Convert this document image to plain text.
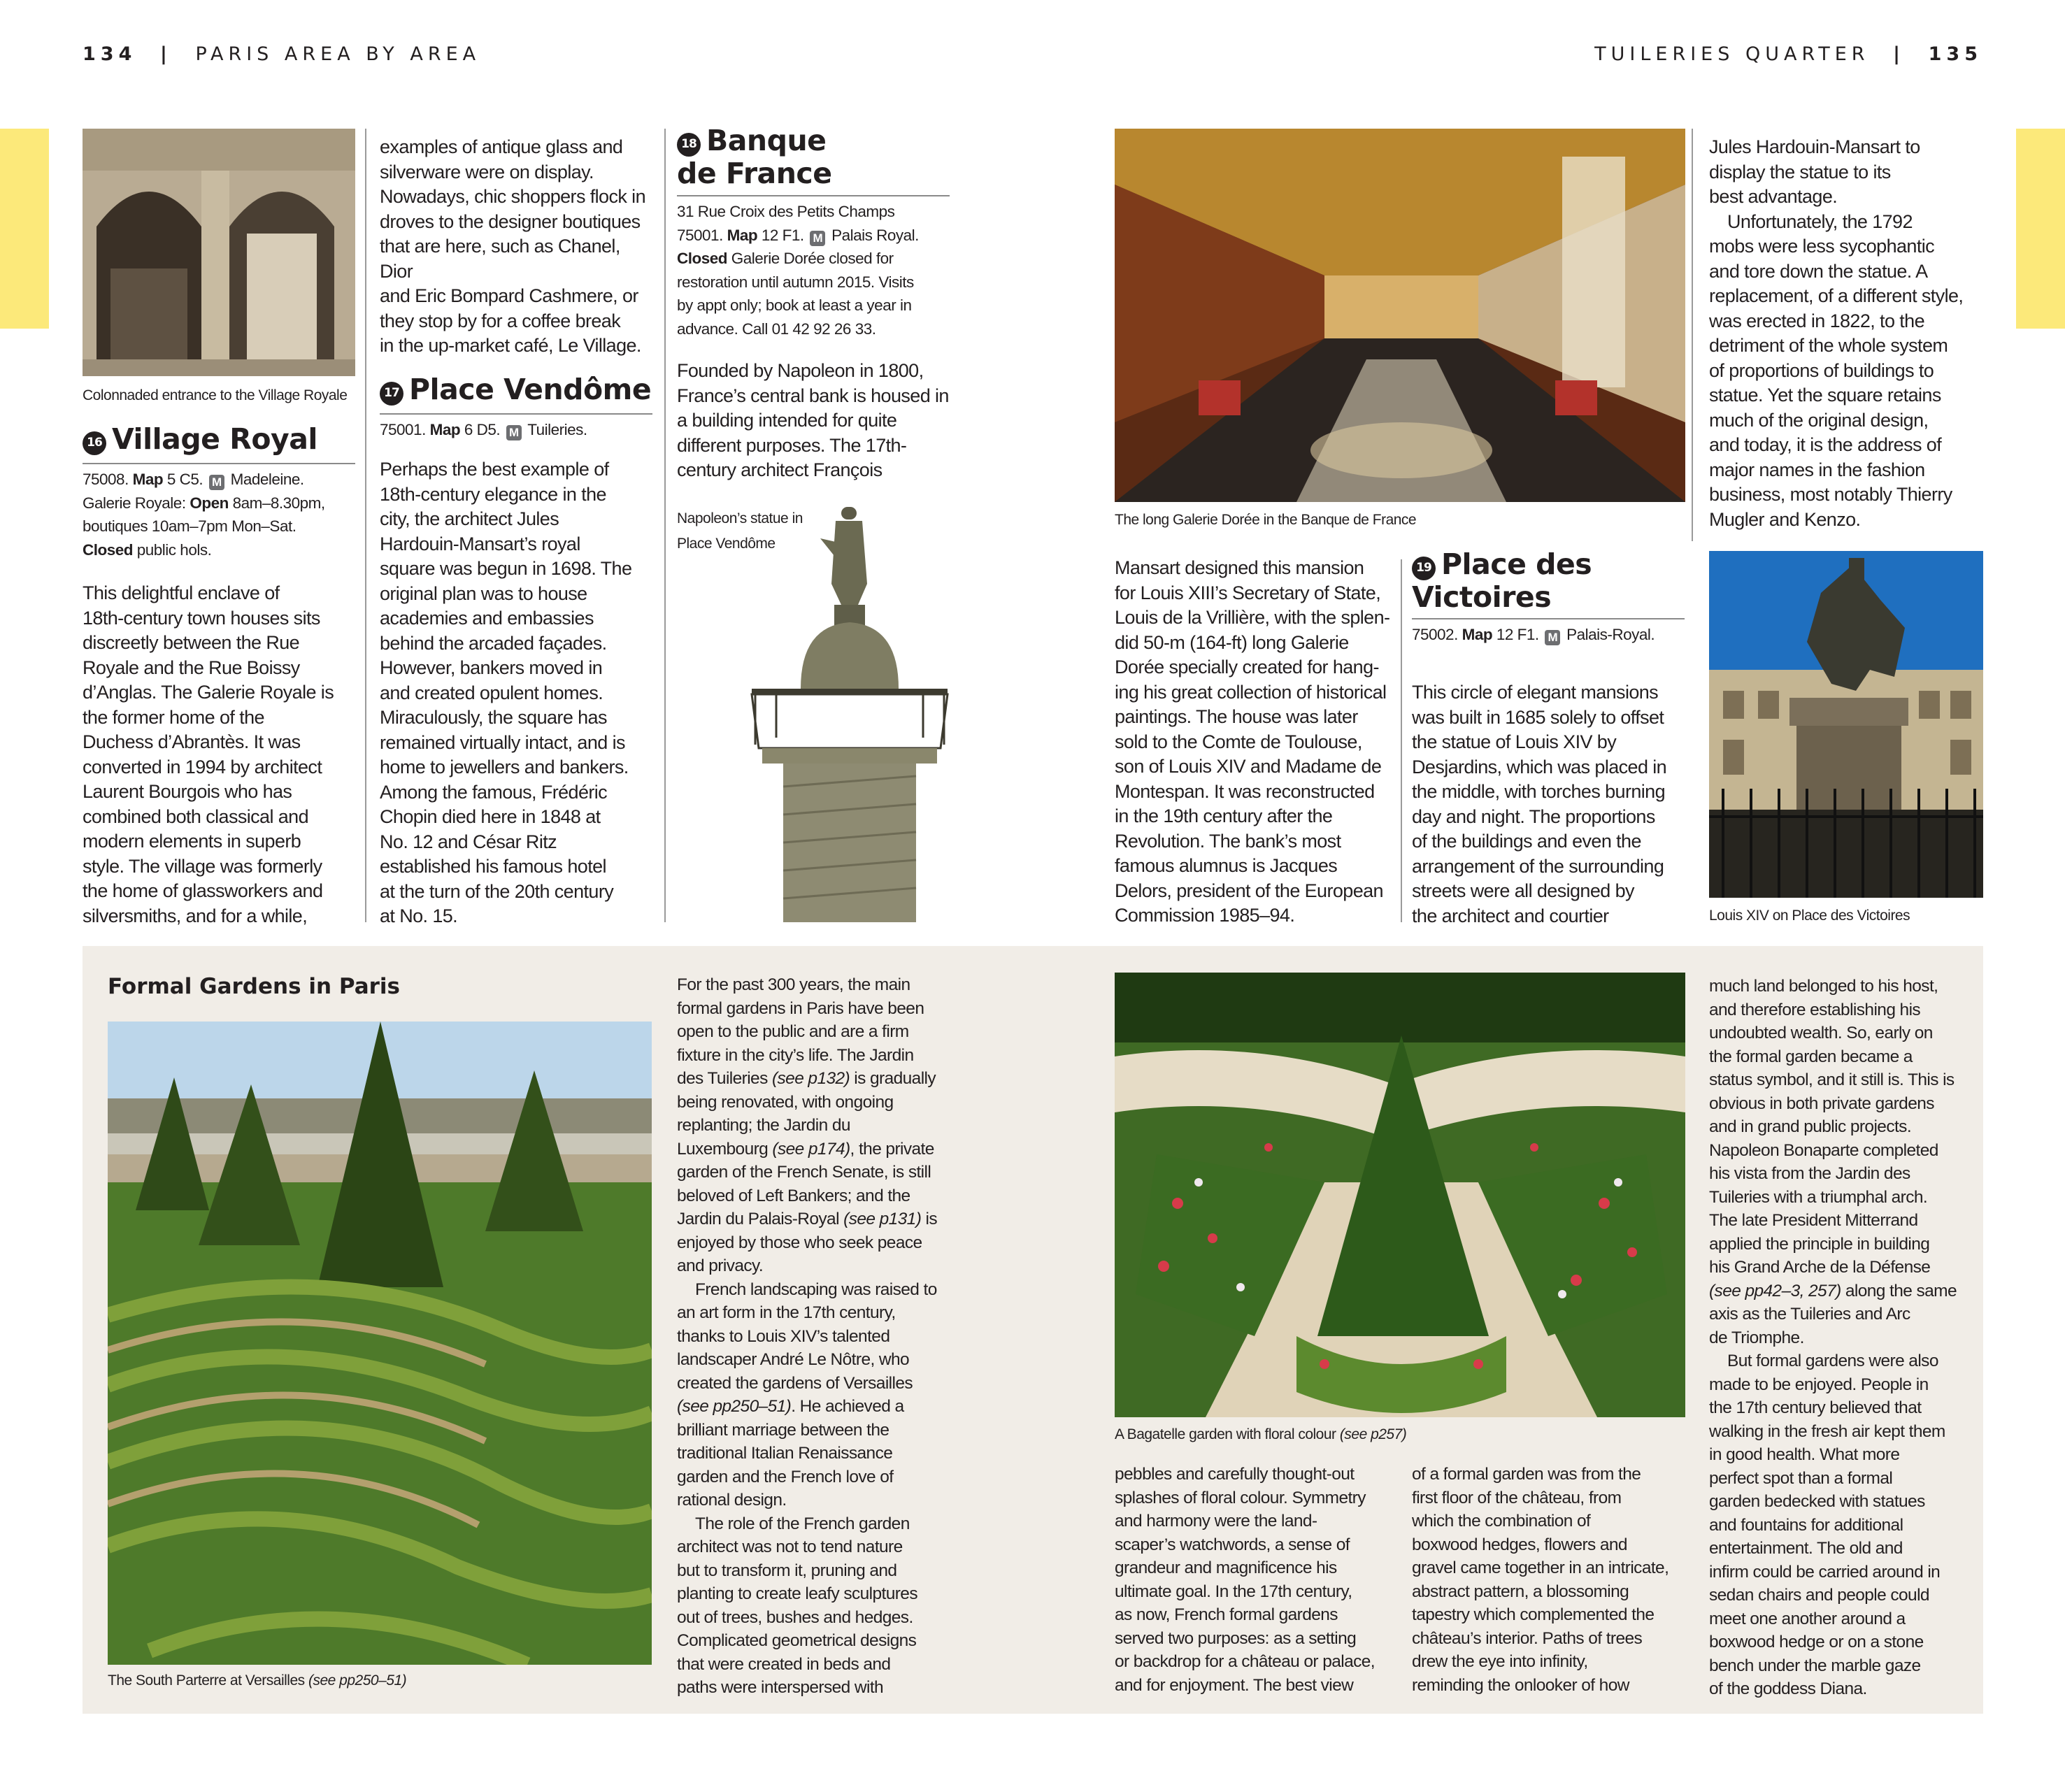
134 | PARIS AREA BY AREA	TUILERIES QUARTER | 135
Colonnaded entrance to the Village Royale
16 Village Royal

75008. Map 5 C5. M Madeleine.

Galerie Royale: Open 8am–8.30pm,

boutiques 10am–7pm Mon–Sat.

Closed public hols.

This delightful enclave of

18th-century town houses sits

discreetly between the Rue

Royale and the Rue Boissy

d’Anglas. The Galerie Royale is

the former home of the

Duchess d’Abrantès. It was

converted in 1994 by architect

Laurent Bourgois who has

combined both classical and

modern elements in superb

style. The village was formerly

the home of glassworkers and

silversmiths, and for a while,

examples of antique glass and

silverware were on display.

Nowadays, chic shoppers flock in

droves to the designer boutiques

that are here, such as Chanel, Dior

and Eric Bompard Cashmere, or

they stop by for a coffee break

in the up-market café, Le Village.

17 Place Vendôme

75001. Map 6 D5. M Tuileries.

Perhaps the best example of

18th-century elegance in the

city, the architect Jules

Hardouin-Mansart’s royal

square was begun in 1698. The

original plan was to house

academies and embassies

behind the arcaded façades.

However, bankers moved in

and created opulent homes.

Miraculously, the square has

remained virtually intact, and is

home to jewellers and bankers.

Among the famous, Frédéric

Chopin died here in 1848 at

No. 12 and César Ritz

established his famous hotel

at the turn of the 20th century

at No. 15.

18 Banque
de France

31 Rue Croix des Petits Champs

75001. Map 12 F1. M Palais Royal.

Closed Galerie Dorée closed for

restoration until autumn 2015. Visits

by appt only; book at least a year in

advance. Call 01 42 92 26 33.

Founded by Napoleon in 1800,

France’s central bank is housed in

a building intended for quite

different purposes. The 17th-

century architect François

Napoleon’s statue in
Place Vendôme
The long Galerie Dorée in the Banque de France

Mansart designed this mansion

for Louis XIII’s Secretary of State,

Louis de la Vrillière, with the splen-

did 50-m (164-ft) long Galerie

Dorée specially created for hang-

ing his great collection of historical

paintings. The house was later

sold to the Comte de Toulouse,

son of Louis XIV and Madame de

Montespan. It was reconstructed

in the 19th century after the

Revolution. The bank’s most

famous alumnus is Jacques

Delors, president of the European

Commission 1985–94.

19 Place des
Victoires

75002. Map 12 F1. M Palais-Royal.

This circle of elegant mansions

was built in 1685 solely to offset

the statue of Louis XIV by

Desjardins, which was placed in

the middle, with torches burning

day and night. The proportions

of the buildings and even the

arrangement of the surrounding

streets were all designed by

the architect and courtier

Jules Hardouin-Mansart to

display the statue to its

best advantage.

Unfortunately, the 1792

mobs were less sycophantic

and tore down the statue. A

replacement, of a different style,

was erected in 1822, to the

detriment of the whole system

of proportions of buildings to

statue. Yet the square retains

much of the original design,

and today, it is the address of

major names in the fashion

business, most notably Thierry

Mugler and Kenzo.

Louis XIV on Place des Victoires
Formal Gardens in Paris
The South Parterre at Versailles (see pp250–51)

For the past 300 years, the main

formal gardens in Paris have been

open to the public and are a firm

fixture in the city’s life. The Jardin

des Tuileries (see p132) is gradually

being renovated, with ongoing

replanting; the Jardin du

Luxembourg (see p174), the private

garden of the French Senate, is still

beloved of Left Bankers; and the

Jardin du Palais-Royal (see p131) is

enjoyed by those who seek peace

and privacy.

French landscaping was raised to

an art form in the 17th century,

thanks to Louis XIV’s talented

landscaper André Le Nôtre, who

created the gardens of Versailles

(see pp250–51). He achieved a

brilliant marriage between the

traditional Italian Renaissance

garden and the French love of

rational design.

The role of the French garden

architect was not to tend nature

but to transform it, pruning and

planting to create leafy sculptures

out of trees, bushes and hedges.

Complicated geometrical designs

that were created in beds and

paths were interspersed with

pebbles and carefully thought-out

splashes of floral colour. Symmetry

and harmony were the land-

scaper’s watchwords, a sense of

grandeur and magnificence his

ultimate goal. In the 17th century,

as now, French formal gardens

served two purposes: as a setting

or backdrop for a château or palace,

and for enjoyment. The best view

of a formal garden was from the

first floor of the château, from

which the combination of

boxwood hedges, flowers and

gravel came together in an intricate,

abstract pattern, a blossoming

tapestry which complemented the

château’s interior. Paths of trees

drew the eye into infinity,

reminding the onlooker of how

much land belonged to his host,

and therefore establishing his

undoubted wealth. So, early on

the formal garden became a

status symbol, and it still is. This is

obvious in both private gardens

and in grand public projects.

Napoleon Bonaparte completed

his vista from the Jardin des

Tuileries with a triumphal arch.

The late President Mitterrand

applied the principle in building

his Grand Arche de la Défense

(see pp42–3, 257) along the same

axis as the Tuileries and Arc

de Triomphe.

But formal gardens were also

made to be enjoyed. People in

the 17th century believed that

walking in the fresh air kept them

in good health. What more

perfect spot than a formal

garden bedecked with statues

and fountains for additional

entertainment. The old and

infirm could be carried around in

sedan chairs and people could

meet one another around a

boxwood hedge or on a stone

bench under the marble gaze

of the goddess Diana.

A Bagatelle garden with floral colour (see p257)
